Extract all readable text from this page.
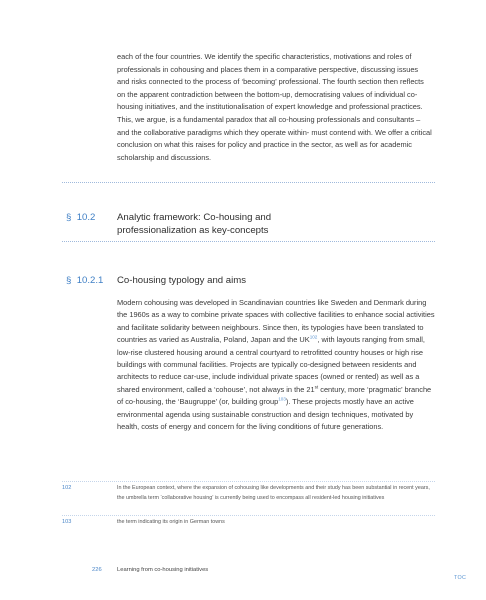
each of the four countries. We identify the specific characteristics, motivations and roles of professionals in cohousing and places them in a comparative perspective, discussing issues and risks connected to the process of ‘becoming’ professional. The fourth section then reflects on the apparent contradiction between the bottom-up, democratising values of individual co-housing initiatives, and the institutionalisation of expert knowledge and professional practices. This, we argue, is a fundamental paradox that all co-housing professionals and consultants – and the collaborative paradigms which they operate within- must contend with. We offer a critical conclusion on what this raises for policy and practice in the sector, as well as for academic scholarship and discussions.

§ 10.2 Analytic framework: Co-housing and professionalization as key-concepts
§ 10.2.1 Co-housing typology and aims

Modern cohousing was developed in Scandinavian countries like Sweden and Denmark during the 1960s as a way to combine private spaces with collective facilities to enhance social activities and facilitate solidarity between neighbours. Since then, its typologies have been translated to countries as varied as Australia, Poland, Japan and the UK$^{102}$, with layouts ranging from small, low-rise clustered housing around a central courtyard to retrofitted country houses or high rise buildings with communal facilities. Projects are typically co-designed between residents and architects to reduce car-use, include individual private spaces (owned or rented) as well as a shared environment, called a ‘cohouse’, not always in the 21st century, more ‘pragmatic’ branche of co-housing, the ‘Baugruppe’ (or, building group$^{103}$). These projects mostly have an active environmental agenda using sustainable construction and design techniques, motivated by health, costs of energy and concern for the living conditions of future generations.

102	In the European context, where the expansion of cohousing like developments and their study has been substantial in recent years, the umbrella term ‘collaborative housing’ is currently being used to encompass all resident-led housing initiatives
103	the term indicating its origin in German towns
226	Learning from co-housing initiatives
TOC
